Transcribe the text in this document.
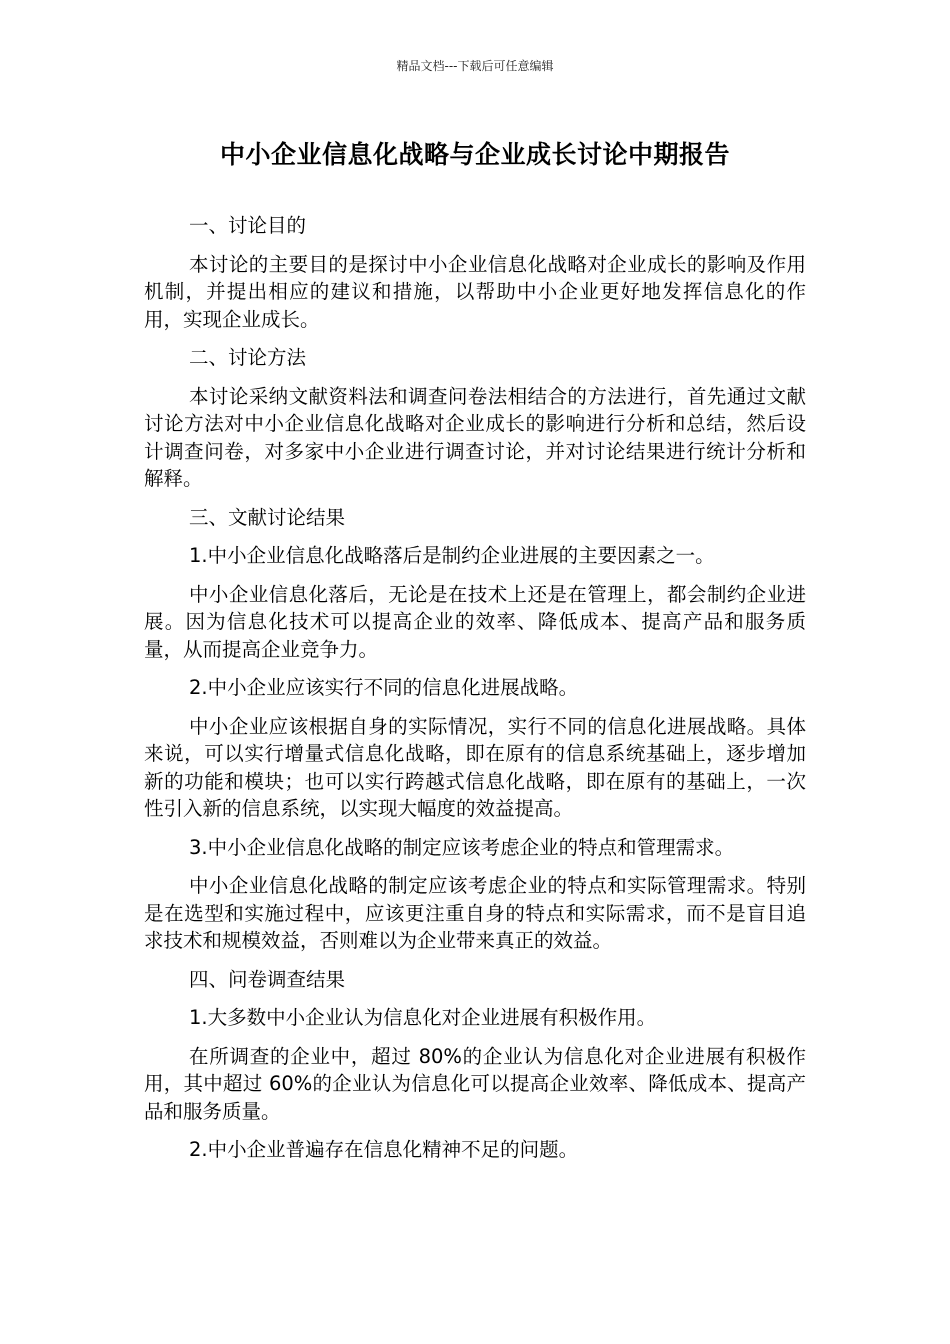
精品文档---下载后可任意编辑
中小企业信息化战略与企业成长讨论中期报告

一、讨论目的

本讨论的主要目的是探讨中小企业信息化战略对企业成长的影响及作用机制，并提出相应的建议和措施，以帮助中小企业更好地发挥信息化的作用，实现企业成长。

二、讨论方法

本讨论采纳文献资料法和调查问卷法相结合的方法进行，首先通过文献讨论方法对中小企业信息化战略对企业成长的影响进行分析和总结，然后设计调查问卷，对多家中小企业进行调查讨论，并对讨论结果进行统计分析和解释。

三、文献讨论结果

1.中小企业信息化战略落后是制约企业进展的主要因素之一。

中小企业信息化落后，无论是在技术上还是在管理上，都会制约企业进展。因为信息化技术可以提高企业的效率、降低成本、提高产品和服务质量，从而提高企业竞争力。

2.中小企业应该实行不同的信息化进展战略。

中小企业应该根据自身的实际情况，实行不同的信息化进展战略。具体来说，可以实行增量式信息化战略，即在原有的信息系统基础上，逐步增加新的功能和模块；也可以实行跨越式信息化战略，即在原有的基础上，一次性引入新的信息系统，以实现大幅度的效益提高。

3.中小企业信息化战略的制定应该考虑企业的特点和管理需求。

中小企业信息化战略的制定应该考虑企业的特点和实际管理需求。特别是在选型和实施过程中，应该更注重自身的特点和实际需求，而不是盲目追求技术和规模效益，否则难以为企业带来真正的效益。

四、问卷调查结果

1.大多数中小企业认为信息化对企业进展有积极作用。

在所调查的企业中，超过 80%的企业认为信息化对企业进展有积极作用，其中超过 60%的企业认为信息化可以提高企业效率、降低成本、提高产品和服务质量。

2.中小企业普遍存在信息化精神不足的问题。
